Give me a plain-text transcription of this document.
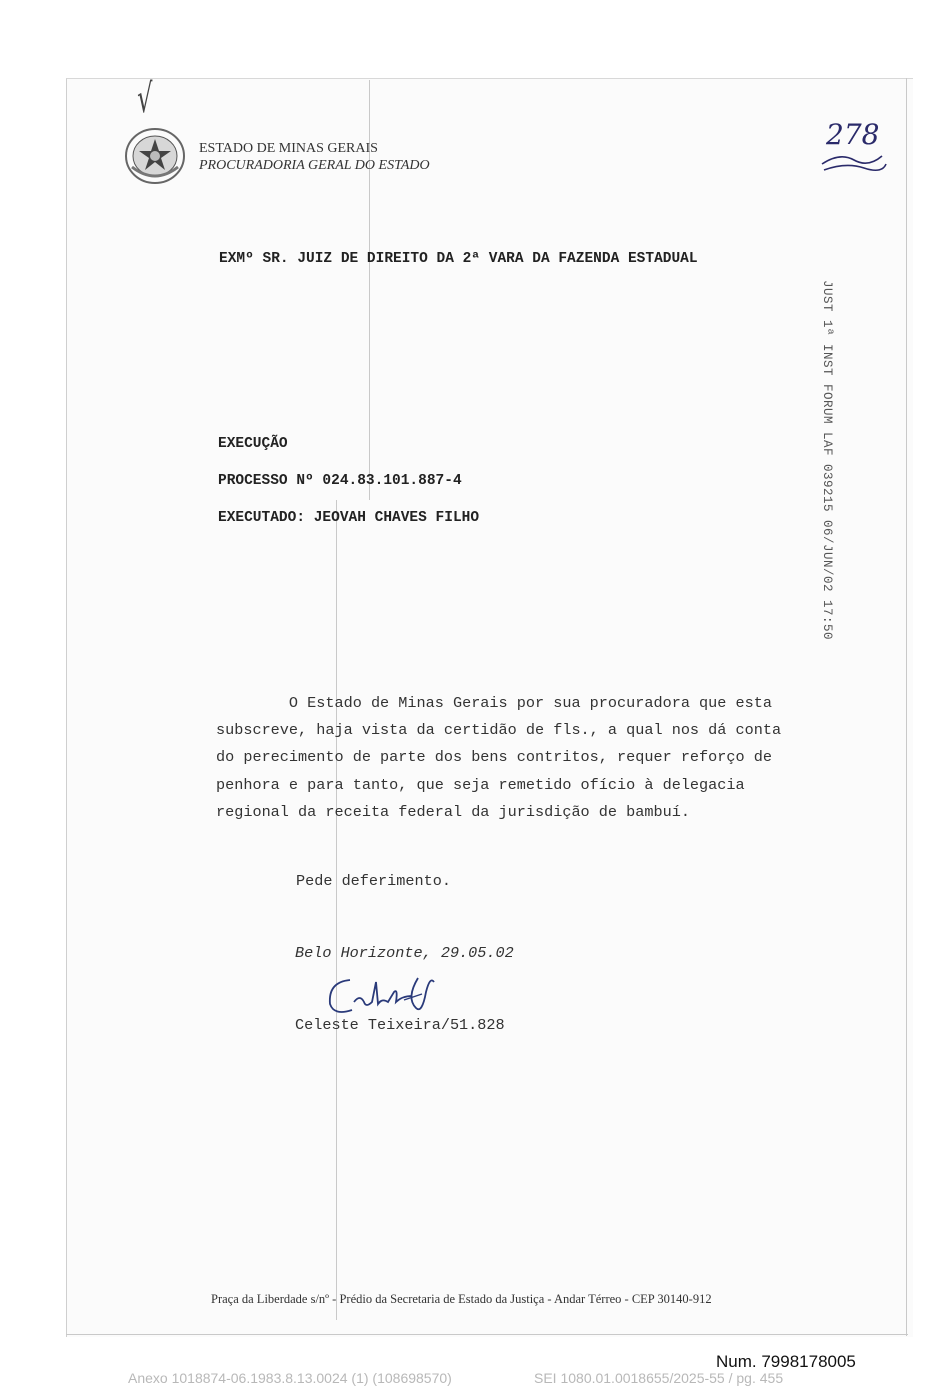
√
ESTADO DE MINAS GERAIS
PROCURADORIA GERAL DO ESTADO
278
EXMº SR. JUIZ DE DIREITO DA 2ª VARA DA FAZENDA ESTADUAL
JUST 1ª INST FORUM LAF 039215 06/JUN/02 17:50
EXECUÇÃO
PROCESSO Nº 024.83.101.887-4
EXECUTADO: JEOVAH CHAVES FILHO
O Estado de Minas Gerais por sua procuradora que esta
subscreve, haja vista da certidão de fls., a qual nos dá conta
do perecimento de parte dos bens contritos, requer reforço de
penhora e para tanto, que seja remetido ofício à delegacia
regional da receita federal da jurisdição de bambuí.
Pede deferimento.
Belo Horizonte, 29.05.02
Celeste Teixeira/51.828
Praça da Liberdade s/nº - Prédio da Secretaria de Estado da Justiça - Andar Térreo - CEP 30140-912
Num. 7998178005
Anexo 1018874-06.1983.8.13.0024 (1) (108698570)	SEI 1080.01.0018655/2025-55 / pg. 455
